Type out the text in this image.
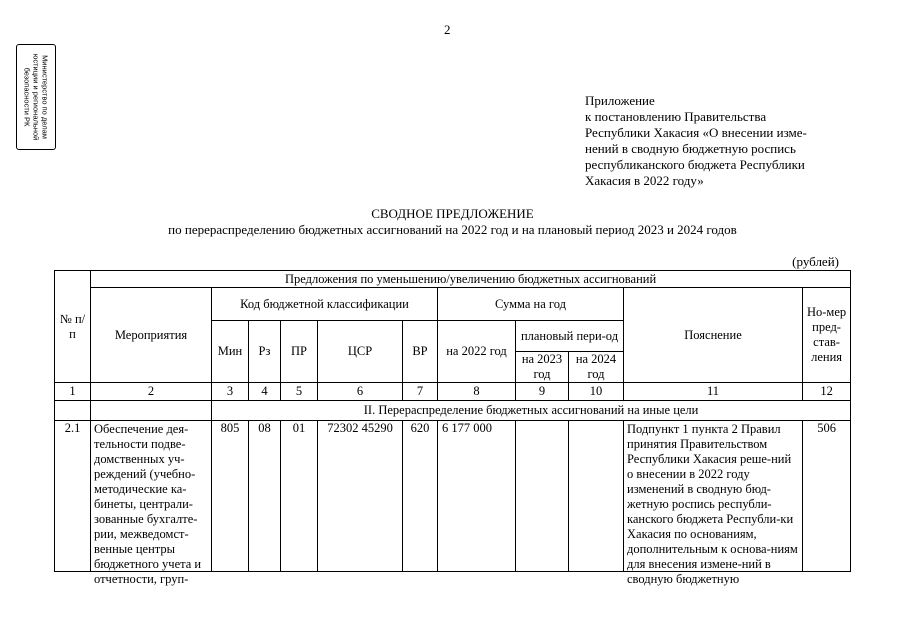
2
Министерство по делам
юстиции и региональной
безопасности РК	Приложение
к постановлению Правительства
Республики Хакасия «О внесении изме-
нений в сводную бюджетную роспись
республиканского бюджета Республики
Хакасия в 2022 году»
СВОДНОЕ ПРЕДЛОЖЕНИЕ
по перераспределению бюджетных ассигнований на 2022 год и на плановый период 2023 и 2024 годов
(рублей)
№ п/п	Предложения по уменьшению/увеличению бюджетных ассигнований										
	Мероприятия	Код бюджетной классификации					Сумма на год			Пояснение	Но-мер пред-став-ления
		Мин	Рз	ПР	ЦСР	ВР	на 2022 год	плановый пери-од			
								на 2023 год	на 2024 год		
1	2	3	4	5	6	7	8	9	10	11	12
		II. Перераспределение бюджетных ассигнований на иные цели									
2.1	Обеспечение дея-тельности подве-домственных уч-реждений (учебно-методические ка-бинеты, централи-зованные бухгалте-рии, межведомст-венные центры бюджетного учета и отчетности, груп-	805	08	01	72302 45290	620	6 177 000			Подпункт 1 пункта 2 Правил принятия Правительством Республики Хакасия реше-ний о внесении в 2022 году изменений в сводную бюд-жетную роспись республи-канского бюджета Республи-ки Хакасия по основаниям, дополнительным к основа-ниям для внесения измене-ний в сводную бюджетную	506
